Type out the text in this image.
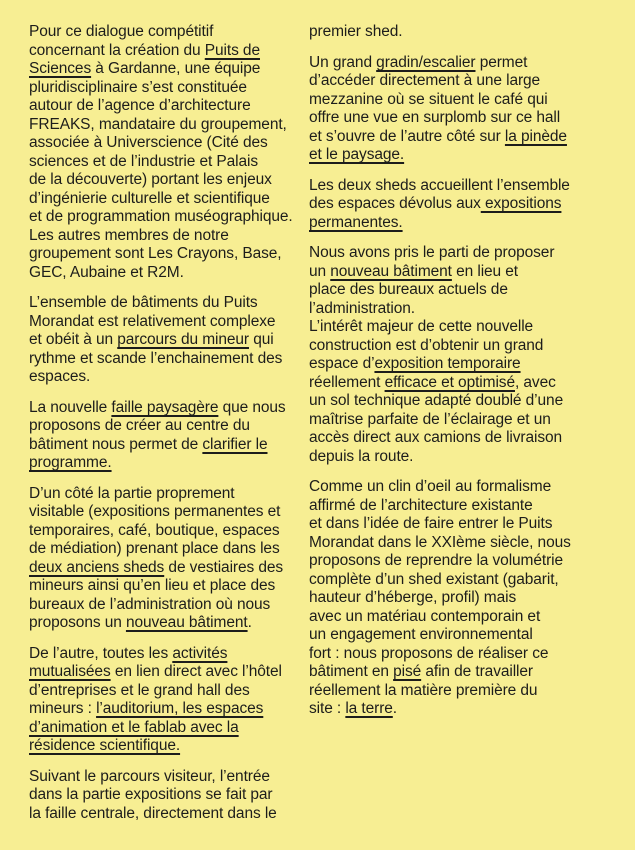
Pour ce dialogue compétitif
concernant la création du Puits de
Sciences à Gardanne, une équipe
pluridisciplinaire s’est constituée
autour de l’agence d’architecture
FREAKS, mandataire du groupement,
associée à Universcience (Cité des
sciences et de l’industrie et Palais
de la découverte) portant les enjeux
d’ingénierie culturelle et scientifique
et de programmation muséographique.
Les autres membres de notre
groupement sont Les Crayons, Base,
GEC, Aubaine et R2M.
L’ensemble de bâtiments du Puits
Morandat est relativement complexe
et obéit à un parcours du mineur qui
rythme et scande l’enchainement des
espaces.
La nouvelle faille paysagère que nous
proposons de créer au centre du
bâtiment nous permet de clarifier le
programme.
D’un côté la partie proprement
visitable (expositions permanentes et
temporaires, café, boutique, espaces
de médiation) prenant place dans les
deux anciens sheds de vestiaires des
mineurs ainsi qu’en lieu et place des
bureaux de l’administration où nous
proposons un nouveau bâtiment.
De l’autre, toutes les activités
mutualisées en lien direct avec l’hôtel
d’entreprises et le grand hall des
mineurs : l’auditorium, les espaces
d’animation et le fablab avec la
résidence scientifique.
Suivant le parcours visiteur, l’entrée
dans la partie expositions se fait par
la faille centrale, directement dans le
premier shed.
Un grand gradin/escalier permet
d’accéder directement à une large
mezzanine où se situent le café qui
offre une vue en surplomb sur ce hall
et s’ouvre de l’autre côté sur la pinède
et le paysage.
Les deux sheds accueillent l’ensemble
des espaces dévolus aux expositions
permanentes.
Nous avons pris le parti de proposer
un nouveau bâtiment en lieu et
place des bureaux actuels de
l’administration.
L’intérêt majeur de cette nouvelle
construction est d’obtenir un grand
espace d’exposition temporaire
réellement efficace et optimisé, avec
un sol technique adapté doublé d’une
maîtrise parfaite de l’éclairage et un
accès direct aux camions de livraison
depuis la route.
Comme un clin d’oeil au formalisme
affirmé de l’architecture existante
et dans l’idée de faire entrer le Puits
Morandat dans le XXIème siècle, nous
proposons de reprendre la volumétrie
complète d’un shed existant (gabarit,
hauteur d’héberge, profil) mais
avec un matériau contemporain et
un engagement environnemental
fort : nous proposons de réaliser ce
bâtiment en pisé afin de travailler
réellement la matière première du
site : la terre.
